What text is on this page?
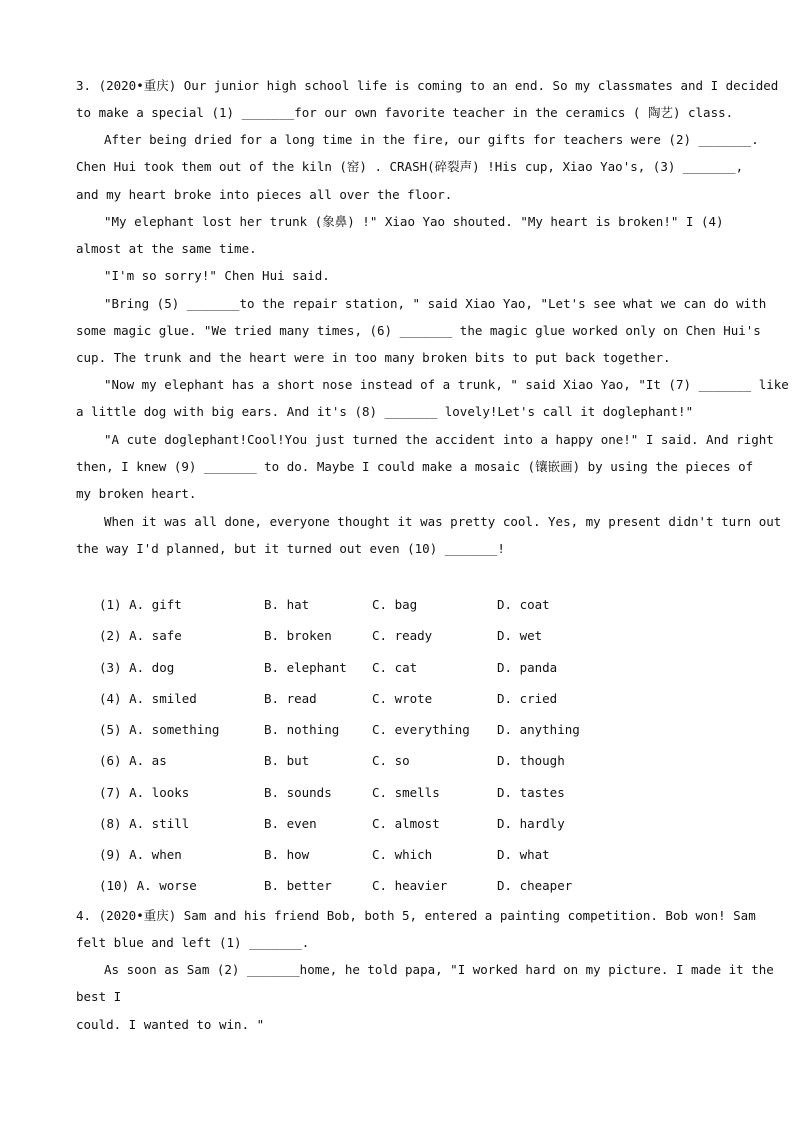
3. (2020•重庆) Our junior high school life is coming to an end. So my classmates and I decided
to make a special (1) _______for our own favorite teacher in the ceramics ( 陶艺) class.
After being dried for a long time in the fire, our gifts for teachers were (2) _______.
Chen Hui took them out of the kiln (窑) . CRASH(碎裂声) !His cup, Xiao Yao's, (3) _______,
and my heart broke into pieces all over the floor.
"My elephant lost her trunk (象鼻) !" Xiao Yao shouted. "My heart is broken!" I (4)
almost at the same time.
"I'm so sorry!" Chen Hui said.
"Bring (5) _______to the repair station, " said Xiao Yao, "Let's see what we can do with
some magic glue. "We tried many times, (6) _______ the magic glue worked only on Chen Hui's
cup. The trunk and the heart were in too many broken bits to put back together.
"Now my elephant has a short nose instead of a trunk, " said Xiao Yao, "It (7) _______ like
a little dog with big ears. And it's (8) _______ lovely!Let's call it doglephant!"
"A cute doglephant!Cool!You just turned the accident into a happy one!" I said. And right
then, I knew (9) _______ to do. Maybe I could make a mosaic (镶嵌画) by using the pieces of
my broken heart.
When it was all done, everyone thought it was pretty cool. Yes, my present didn't turn out
the way I'd planned, but it turned out even (10) _______!
(1) A. gift	B. hat	C. bag	D. coat
(2) A. safe	B. broken	C. ready	D. wet
(3) A. dog	B. elephant C. cat	D. panda
(4) A. smiled	B. read	C. wrote	D. cried
(5) A. something	B. nothing	C. everything D. anything
(6) A. as	B. but	C. so	D. though
(7) A. looks	B. sounds	C. smells	D. tastes
(8) A. still	B. even	C. almost	D. hardly
(9) A. when	B. how	C. which	D. what
(10) A. worse	B. better	C. heavier	D. cheaper
4. (2020•重庆) Sam and his friend Bob, both 5, entered a painting competition. Bob won! Sam
felt blue and left (1) _______.
As soon as Sam (2) _______home, he told papa, "I worked hard on my picture. I made it the
best I
could. I wanted to win. "
